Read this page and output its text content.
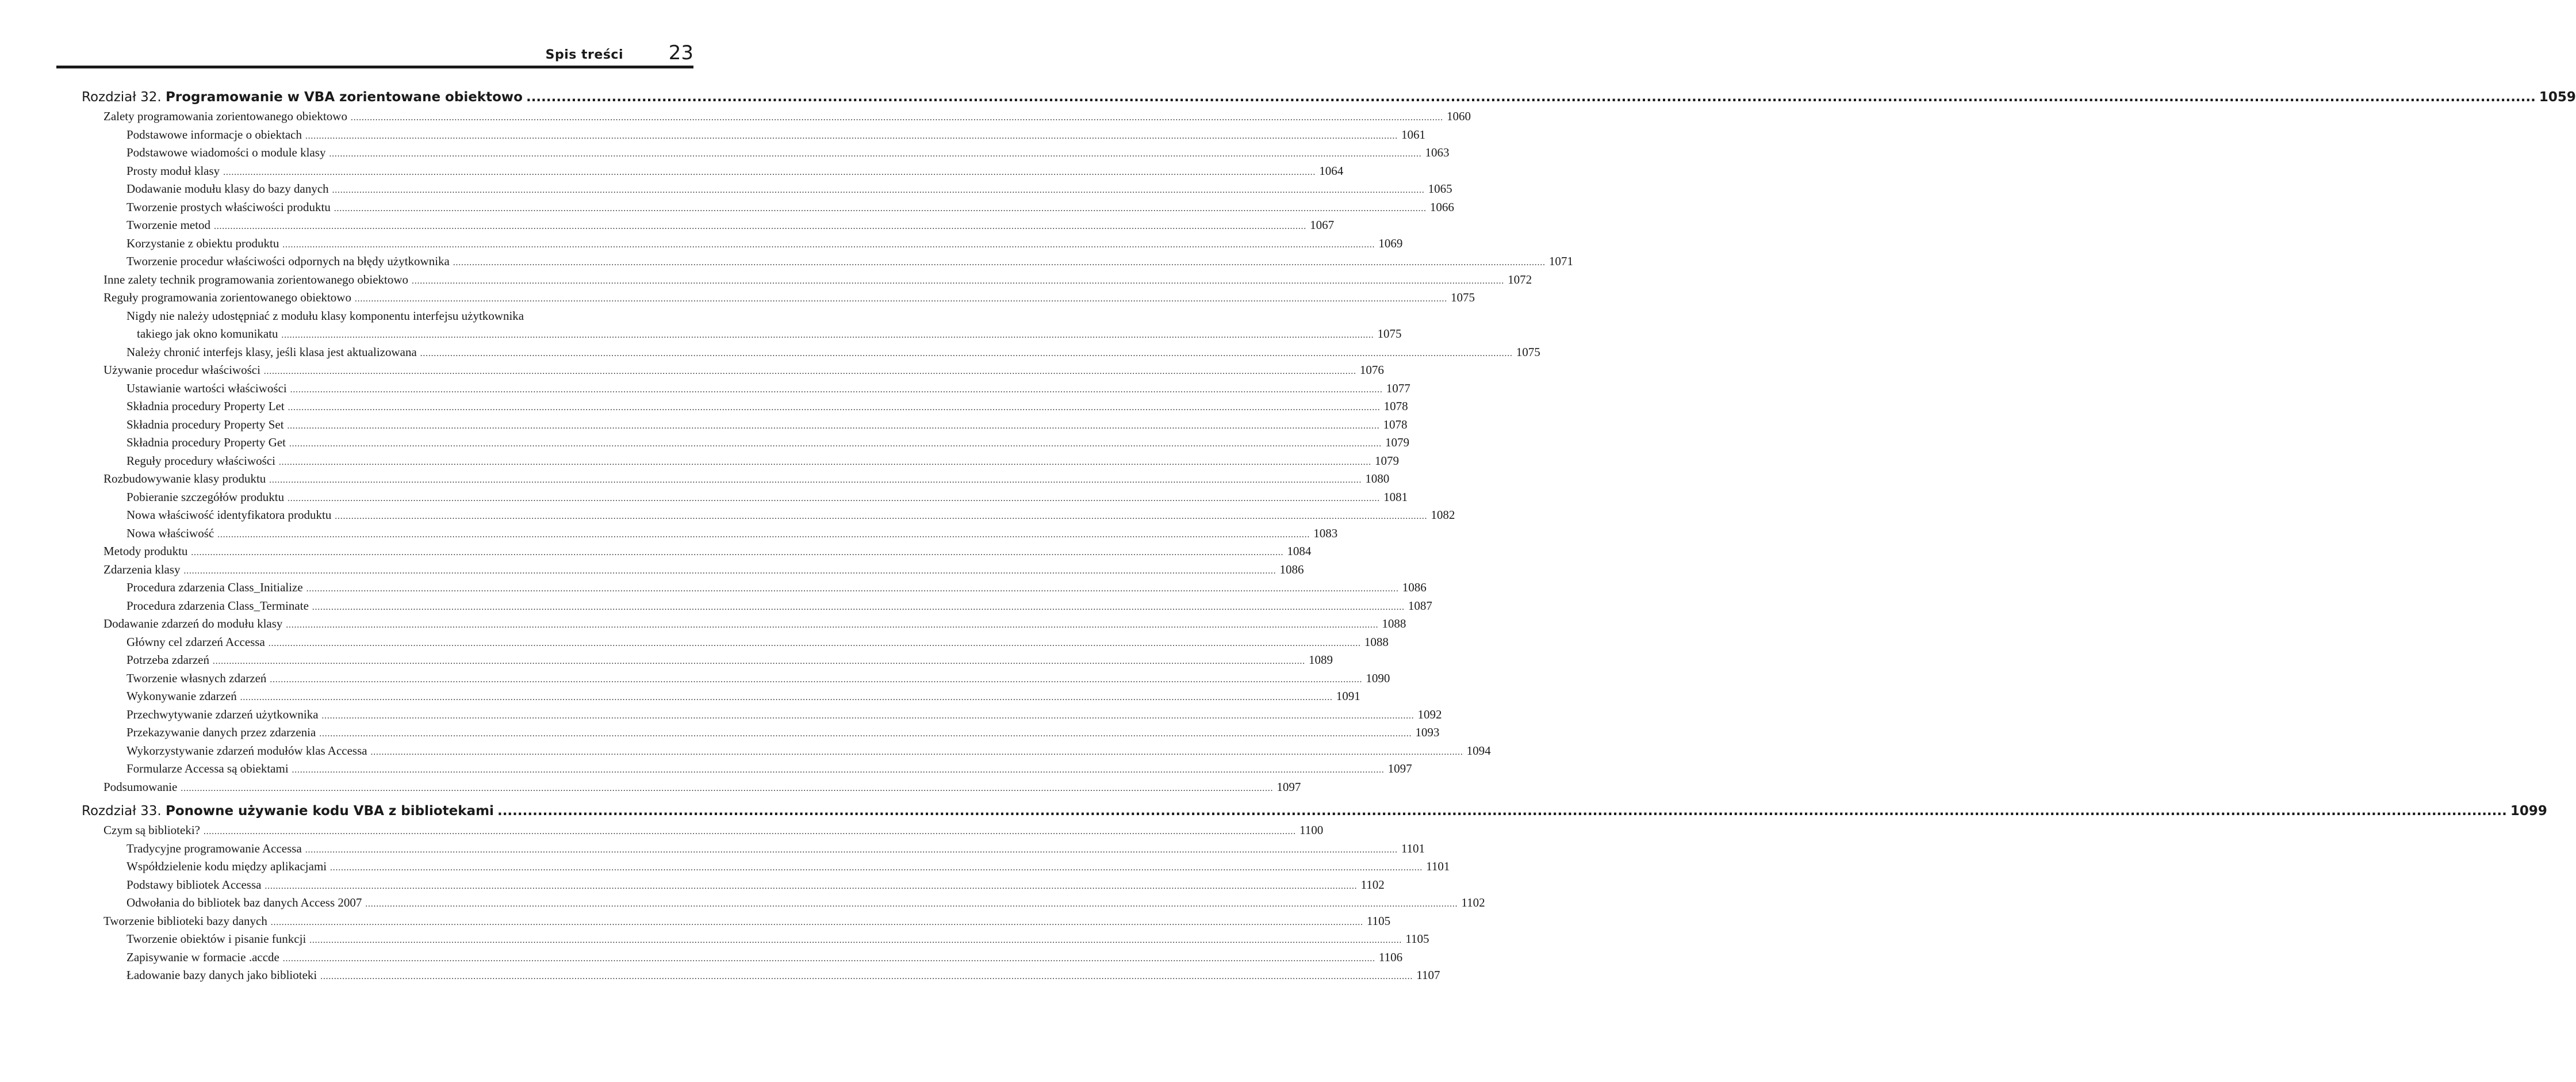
Spis treści 23
Rozdział 32.
Programowanie w VBA zorientowane obiektowo ................................................................................................................................................................................................................................................................................................................................................................................................................ 1059
Zalety programowania zorientowanego obiektowo ................................................................................................................................................................................................................................................................................................................................................................................................................ 1060
Podstawowe informacje o obiektach ................................................................................................................................................................................................................................................................................................................................................................................................................ 1061
Podstawowe wiadomości o module klasy ................................................................................................................................................................................................................................................................................................................................................................................................................ 1063
Prosty moduł klasy ................................................................................................................................................................................................................................................................................................................................................................................................................ 1064
Dodawanie modułu klasy do bazy danych ................................................................................................................................................................................................................................................................................................................................................................................................................ 1065
Tworzenie prostych właściwości produktu ................................................................................................................................................................................................................................................................................................................................................................................................................ 1066
Tworzenie metod ................................................................................................................................................................................................................................................................................................................................................................................................................ 1067
Korzystanie z obiektu produktu ................................................................................................................................................................................................................................................................................................................................................................................................................ 1069
Tworzenie procedur właściwości odpornych na błędy użytkownika ................................................................................................................................................................................................................................................................................................................................................................................................................ 1071
Inne zalety technik programowania zorientowanego obiektowo ................................................................................................................................................................................................................................................................................................................................................................................................................ 1072
Reguły programowania zorientowanego obiektowo ................................................................................................................................................................................................................................................................................................................................................................................................................ 1075
Nigdy nie należy udostępniać z modułu klasy komponentu interfejsu użytkownika
takiego jak okno komunikatu ................................................................................................................................................................................................................................................................................................................................................................................................................ 1075
Należy chronić interfejs klasy, jeśli klasa jest aktualizowana ................................................................................................................................................................................................................................................................................................................................................................................................................ 1075
Używanie procedur właściwości ................................................................................................................................................................................................................................................................................................................................................................................................................ 1076
Ustawianie wartości właściwości ................................................................................................................................................................................................................................................................................................................................................................................................................ 1077
Składnia procedury Property Let ................................................................................................................................................................................................................................................................................................................................................................................................................ 1078
Składnia procedury Property Set ................................................................................................................................................................................................................................................................................................................................................................................................................ 1078
Składnia procedury Property Get ................................................................................................................................................................................................................................................................................................................................................................................................................ 1079
Reguły procedury właściwości ................................................................................................................................................................................................................................................................................................................................................................................................................ 1079
Rozbudowywanie klasy produktu ................................................................................................................................................................................................................................................................................................................................................................................................................ 1080
Pobieranie szczegółów produktu ................................................................................................................................................................................................................................................................................................................................................................................................................ 1081
Nowa właściwość identyfikatora produktu ................................................................................................................................................................................................................................................................................................................................................................................................................ 1082
Nowa właściwość ................................................................................................................................................................................................................................................................................................................................................................................................................ 1083
Metody produktu ................................................................................................................................................................................................................................................................................................................................................................................................................ 1084
Zdarzenia klasy ................................................................................................................................................................................................................................................................................................................................................................................................................ 1086
Procedura zdarzenia Class_Initialize ................................................................................................................................................................................................................................................................................................................................................................................................................ 1086
Procedura zdarzenia Class_Terminate ................................................................................................................................................................................................................................................................................................................................................................................................................ 1087
Dodawanie zdarzeń do modułu klasy ................................................................................................................................................................................................................................................................................................................................................................................................................ 1088
Główny cel zdarzeń Accessa ................................................................................................................................................................................................................................................................................................................................................................................................................ 1088
Potrzeba zdarzeń ................................................................................................................................................................................................................................................................................................................................................................................................................ 1089
Tworzenie własnych zdarzeń ................................................................................................................................................................................................................................................................................................................................................................................................................ 1090
Wykonywanie zdarzeń ................................................................................................................................................................................................................................................................................................................................................................................................................ 1091
Przechwytywanie zdarzeń użytkownika ................................................................................................................................................................................................................................................................................................................................................................................................................ 1092
Przekazywanie danych przez zdarzenia ................................................................................................................................................................................................................................................................................................................................................................................................................ 1093
Wykorzystywanie zdarzeń modułów klas Accessa ................................................................................................................................................................................................................................................................................................................................................................................................................ 1094
Formularze Accessa są obiektami ................................................................................................................................................................................................................................................................................................................................................................................................................ 1097
Podsumowanie ................................................................................................................................................................................................................................................................................................................................................................................................................ 1097
Rozdział 33.
Ponowne używanie kodu VBA z bibliotekami ................................................................................................................................................................................................................................................................................................................................................................................................................ 1099
Czym są biblioteki? ................................................................................................................................................................................................................................................................................................................................................................................................................ 1100
Tradycyjne programowanie Accessa ................................................................................................................................................................................................................................................................................................................................................................................................................ 1101
Współdzielenie kodu między aplikacjami ................................................................................................................................................................................................................................................................................................................................................................................................................ 1101
Podstawy bibliotek Accessa ................................................................................................................................................................................................................................................................................................................................................................................................................ 1102
Odwołania do bibliotek baz danych Access 2007 ................................................................................................................................................................................................................................................................................................................................................................................................................ 1102
Tworzenie biblioteki bazy danych ................................................................................................................................................................................................................................................................................................................................................................................................................ 1105
Tworzenie obiektów i pisanie funkcji ................................................................................................................................................................................................................................................................................................................................................................................................................ 1105
Zapisywanie w formacie .accde ................................................................................................................................................................................................................................................................................................................................................................................................................ 1106
Ładowanie bazy danych jako biblioteki ................................................................................................................................................................................................................................................................................................................................................................................................................ 1107
